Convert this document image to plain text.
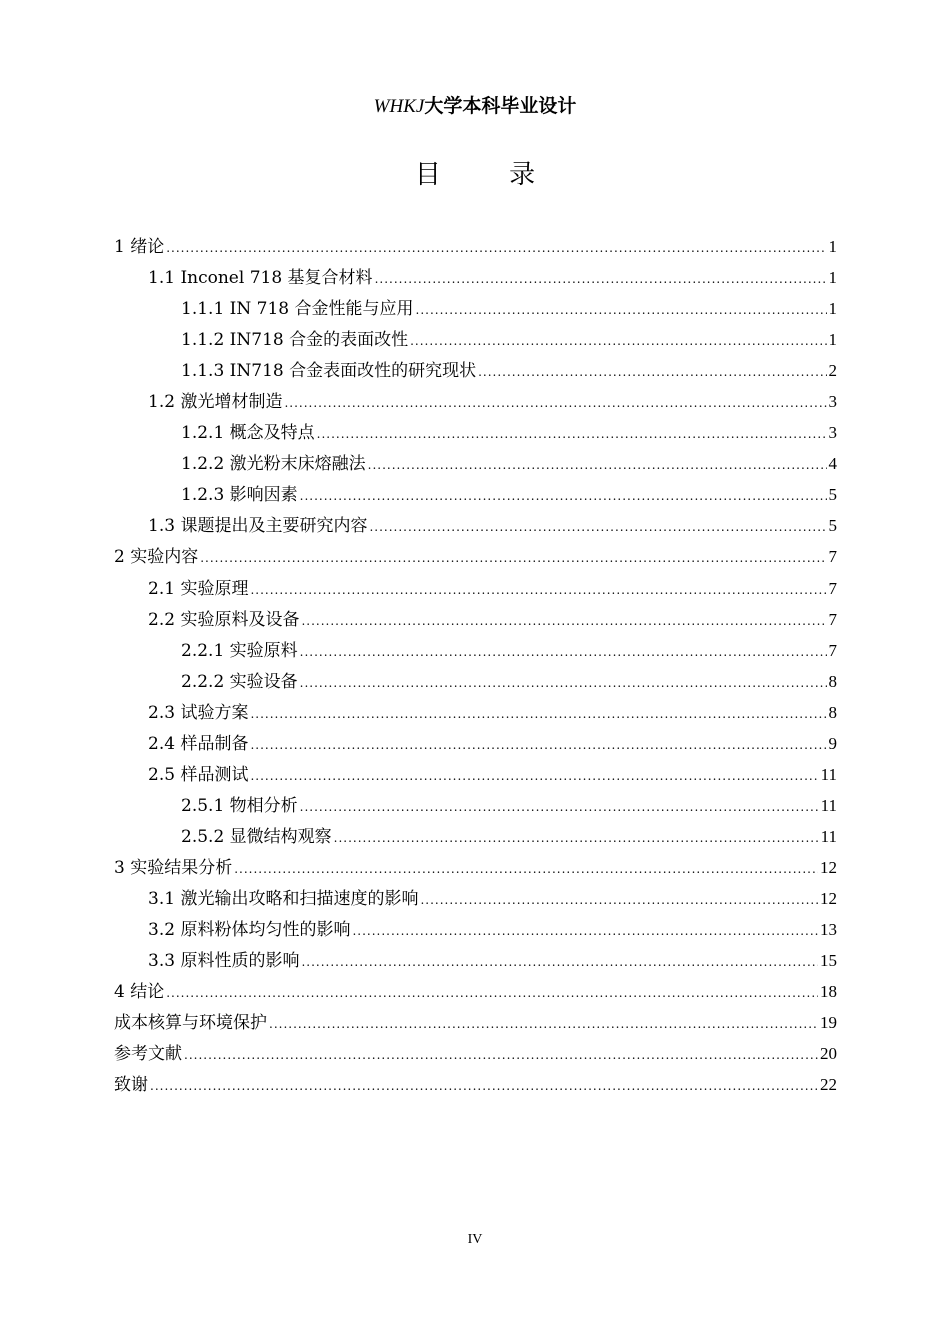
WHKJ大学本科毕业设计
目 录
1 绪论 .....	1
1.1 Inconel 718 基复合材料 .....	1
1.1.1 IN 718 合金性能与应用 .....	1
1.1.2 IN718 合金的表面改性 .....	1
1.1.3 IN718 合金表面改性的研究现状 .....	2
1.2 激光增材制造 .....	3
1.2.1 概念及特点 .....	3
1.2.2 激光粉末床熔融法 .....	4
1.2.3 影响因素 .....	5
1.3 课题提出及主要研究内容 .....	5
2 实验内容 .....	7
2.1 实验原理 .....	7
2.2 实验原料及设备 .....	7
2.2.1 实验原料 .....	7
2.2.2 实验设备 .....	8
2.3 试验方案 .....	8
2.4 样品制备 .....	9
2.5 样品测试 .....	11
2.5.1 物相分析 .....	11
2.5.2 显微结构观察 .....	11
3 实验结果分析 .....	12
3.1 激光输出攻略和扫描速度的影响 .....	12
3.2 原料粉体均匀性的影响 .....	13
3.3 原料性质的影响 .....	15
4 结论 .....	18
成本核算与环境保护 .....	19
参考文献 .....	20
致谢 .....	22
IV
